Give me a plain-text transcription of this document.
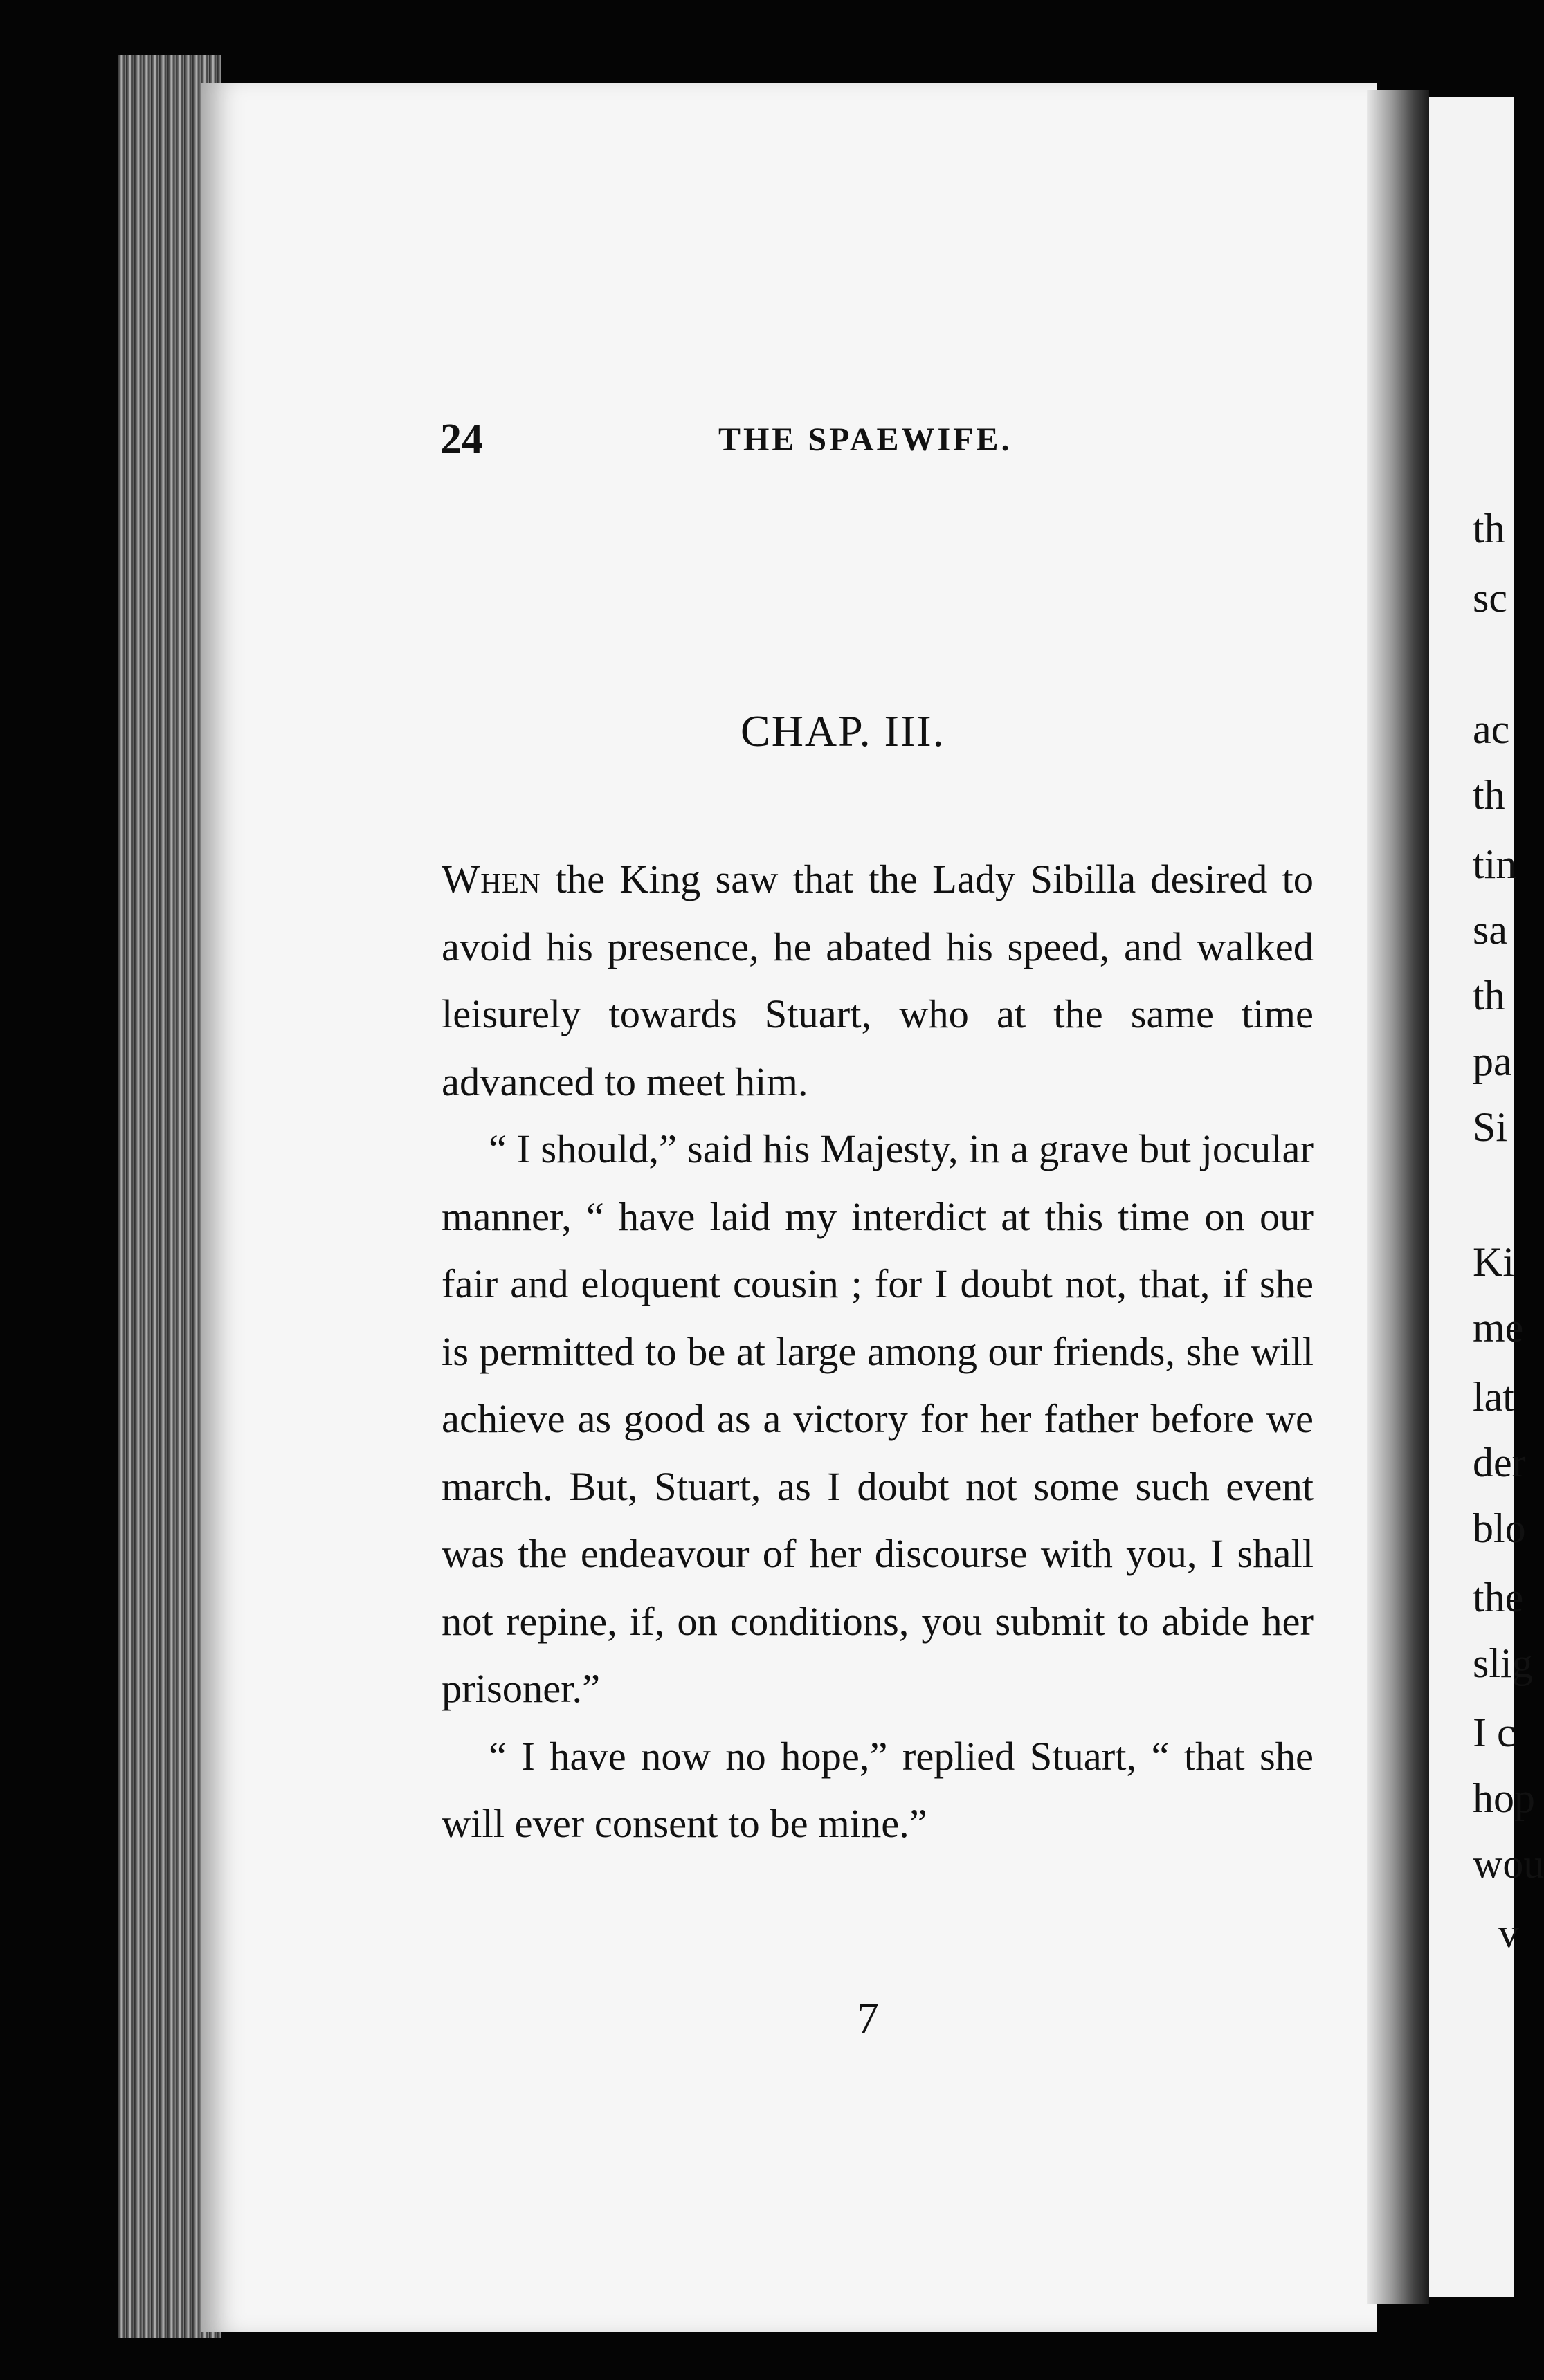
th
sc
ac
th
tin
sa
th
pa
Si
Ki
me
lat
der
blo
the
slig
I c
hop
wou
v
24	THE SPAEWIFE.
CHAP. III.

When the King saw that the Lady Sibilla desired to avoid his presence, he abated his speed, and walked leisurely towards Stuart, who at the same time advanced to meet him.

“ I should,” said his Majesty, in a grave but jocular manner, “ have laid my interdict at this time on our fair and eloquent cousin ; for I doubt not, that, if she is permitted to be at large among our friends, she will achieve as good as a victory for her father before we march. But, Stuart, as I doubt not some such event was the endeavour of her discourse with you, I shall not repine, if, on conditions, you submit to abide her prisoner.”

“ I have now no hope,” replied Stuart, “ that she will ever consent to be mine.”

7
